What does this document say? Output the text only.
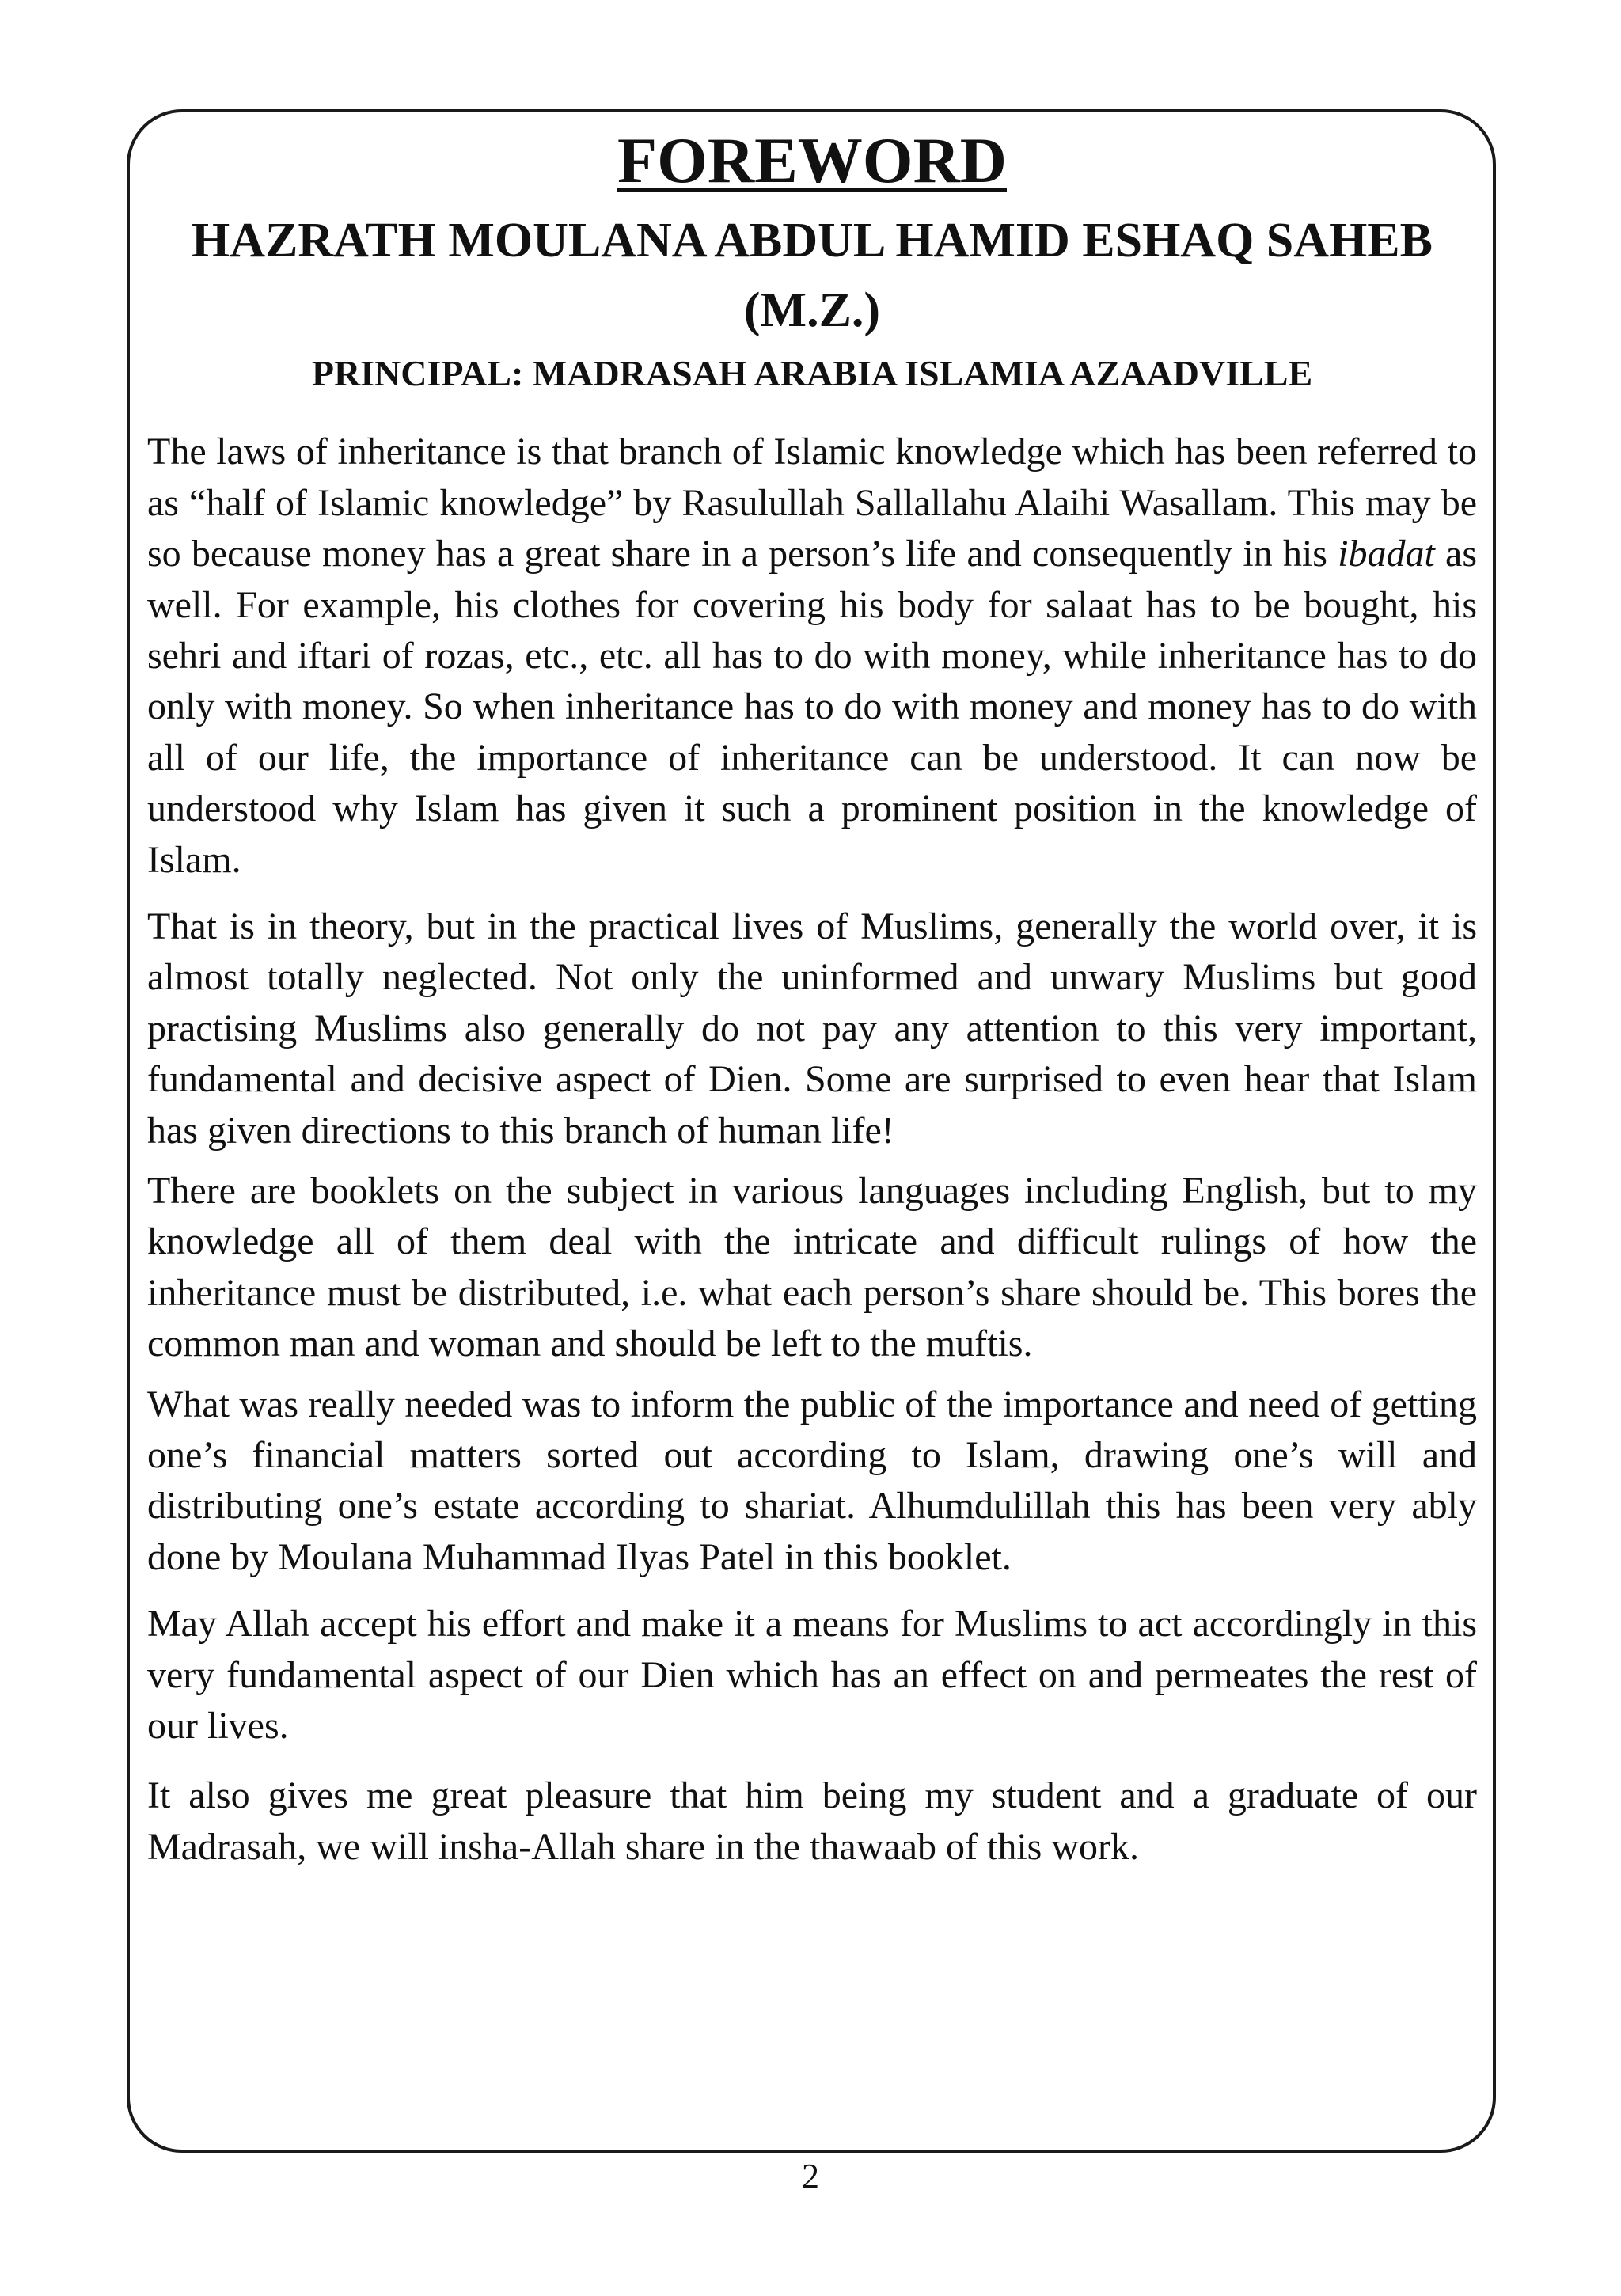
FOREWORD
HAZRATH MOULANA ABDUL HAMID ESHAQ SAHEB (M.Z.)
PRINCIPAL: MADRASAH ARABIA ISLAMIA AZAADVILLE

The laws of inheritance is that branch of Islamic knowledge which has been referred to as “half of Islamic knowledge” by Rasulullah Sallallahu Alaihi Wasallam. This may be so because money has a great share in a person’s life and consequently in his ibadat as well. For example, his clothes for covering his body for salaat has to be bought, his sehri and iftari of rozas, etc., etc. all has to do with money, while inheritance has to do only with money. So when inheritance has to do with money and money has to do with all of our life, the importance of inheritance can be understood. It can now be understood why Islam has given it such a prominent position in the knowledge of Islam.

That is in theory, but in the practical lives of Muslims, generally the world over, it is almost totally neglected. Not only the uninformed and unwary Muslims but good practising Muslims also generally do not pay any attention to this very important, fundamental and decisive aspect of Dien. Some are surprised to even hear that Islam has given directions to this branch of human life!

There are booklets on the subject in various languages including English, but to my knowledge all of them deal with the intricate and difficult rulings of how the inheritance must be distributed, i.e. what each person’s share should be. This bores the common man and woman and should be left to the muftis.

What was really needed was to inform the public of the importance and need of getting one’s financial matters sorted out according to Islam, drawing one’s will and distributing one’s estate according to shariat. Alhumdulillah this has been very ably done by Moulana Muhammad Ilyas Patel in this booklet.

May Allah accept his effort and make it a means for Muslims to act accordingly in this very fundamental aspect of our Dien which has an effect on and permeates the rest of our lives.

It also gives me great pleasure that him being my student and a graduate of our Madrasah, we will insha-Allah share in the thawaab of this work.

2
